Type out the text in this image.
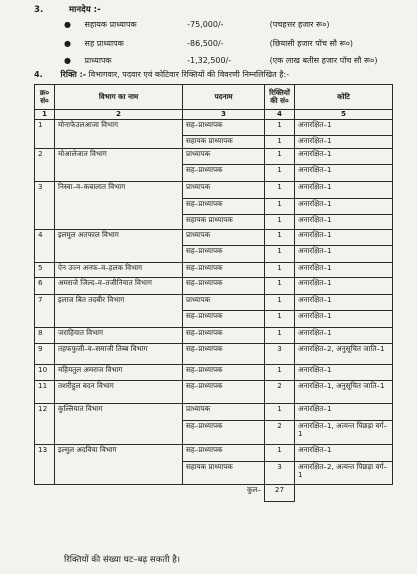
3.	मानदेय :-
● सहायक प्राध्यापक	-75,000/-	(पचहत्तर हजार रू०)
● सह प्राध्यापक	-86,500/-	(छियासी हजार पॉच सौ रू०)
● प्राध्यापक	-1,32,500/-	(एक लाख बतीस हजार पॉच सौ रू०)
4. रिक्ति :- विभागवार, पदवार एवं कोटिवार रिक्तियों की विवरणी निम्नलिखित है:-
क्र० सं०	विभाग का नाम	पदनाम	रिक्तियों की सं०	कोटि
1	2	3	4	5
1	मोनाफेउलआजा विभाग	सह–प्राध्यापक	1	अनारक्षित–1
		सहायक प्राध्यापक	1	अनारक्षित–1
2	मोआलेजात विभाग	प्राध्यापक	1	अनारक्षित–1
		सह–प्राध्यापक	1	अनारक्षित–1
3	निस्वा–व–कबालात विभाग	प्राध्यापक	1	अनारक्षित–1
		सह–प्राध्यापक	1	अनारक्षित–1
		सहायक प्राध्यापक	1	अनारक्षित–1
4	इलमुल अतफाल विभाग	प्राध्यापक	1	अनारक्षित–1
		सह–प्राध्यापक	1	अनारक्षित–1
5	ऐन उज्न अनफ–व–हलक विभाग	सह–प्राध्यापक	1	अनारक्षित–1
6	अमराजे जिल्द–व–तजीनियात विभाग	सह–प्राध्यापक	1	अनारक्षित–1
7	इलाज बित तदबीर विभाग	प्राध्यापक	1	अनारक्षित–1
		सह–प्राध्यापक	1	अनारक्षित–1
8	जराहियात विभाग	सह–प्राध्यापक	1	अनारक्षित–1
9	तहफफुजी–व–समाजी तिब्ब विभाग	सह–प्राध्यापक	3	अनारक्षित–2, अनुसूचित जाति–1
10	महियतुल अमराज विभाग	सह–प्राध्यापक	1	अनारक्षित–1
11	तशरीहुल बदन विभाग	सह–प्राध्यापक	2	अनारक्षित–1, अनुसूचित जाति–1
12	कुल्लियात विभाग	प्राध्यापक	1	अनारक्षित–1
		सह–प्राध्यापक	2	अनारक्षित–1, अत्यन्त पिछड़ा वर्ग–1
13	इल्मुल अदविया विभाग	सह–प्राध्यापक	1	अनारक्षित–1
		सहायक प्राध्यापक	3	अनारक्षित–2, अत्यन्त पिछड़ा वर्ग–1
कुल–			27	
रिक्तियों की संख्या घट–बढ़ सकती है।
